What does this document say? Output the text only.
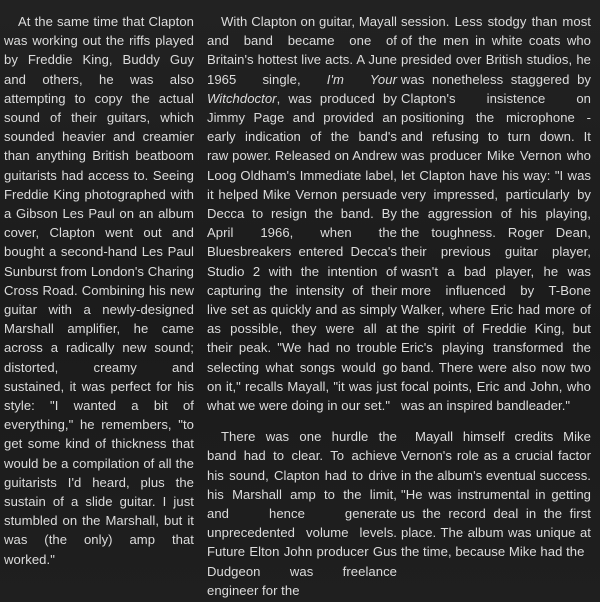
At the same time that Clapton was working out the riffs played by Freddie King, Buddy Guy and others, he was also attempting to copy the actual sound of their guitars, which sounded heavier and creamier than anything British beatboom guitarists had access to. Seeing Freddie King photographed with a Gibson Les Paul on an album cover, Clapton went out and bought a second-hand Les Paul Sunburst from London's Charing Cross Road. Combining his new guitar with a newly-designed Marshall amplifier, he came across a radically new sound; distorted, creamy and sustained, it was perfect for his style: "I wanted a bit of everything," he remembers, "to get some kind of thickness that would be a compilation of all the guitarists I'd heard, plus the sustain of a slide guitar. I just stumbled on the Marshall, but it was (the only) amp that worked."

With Clapton on guitar, Mayall and band became one of Britain's hottest live acts. A June 1965 single, I'm Your Witchdoctor, was produced by Jimmy Page and provided an early indication of the band's raw power. Released on Andrew Loog Oldham's Immediate label, it helped Mike Vernon persuade Decca to resign the band. By April 1966, when the Bluesbreakers entered Decca's Studio 2 with the intention of capturing the intensity of their live set as quickly and as simply as possible, they were all at their peak. "We had no trouble selecting what songs would go on it," recalls Mayall, "it was just what we were doing in our set."

There was one hurdle the band had to clear. To achieve his sound, Clapton had to drive his Marshall amp to the limit, and hence generate unprecedented volume levels. Future Elton John producer Gus Dudgeon was freelance engineer for the

session. Less stodgy than most of the men in white coats who presided over British studios, he was nonetheless staggered by Clapton's insistence on positioning the microphone - and refusing to turn down. It was producer Mike Vernon who let Clapton have his way: "I was very impressed, particularly by the aggression of his playing, the toughness. Roger Dean, their previous guitar player, wasn't a bad player, he was more influenced by T-Bone Walker, where Eric had more of the spirit of Freddie King, but Eric's playing transformed the band. There were also now two focal points, Eric and John, who was an inspired bandleader."

Mayall himself credits Mike Vernon's role as a crucial factor in the album's eventual success. "He was instrumental in getting us the record deal in the first place. The album was unique at the time, because Mike had the
